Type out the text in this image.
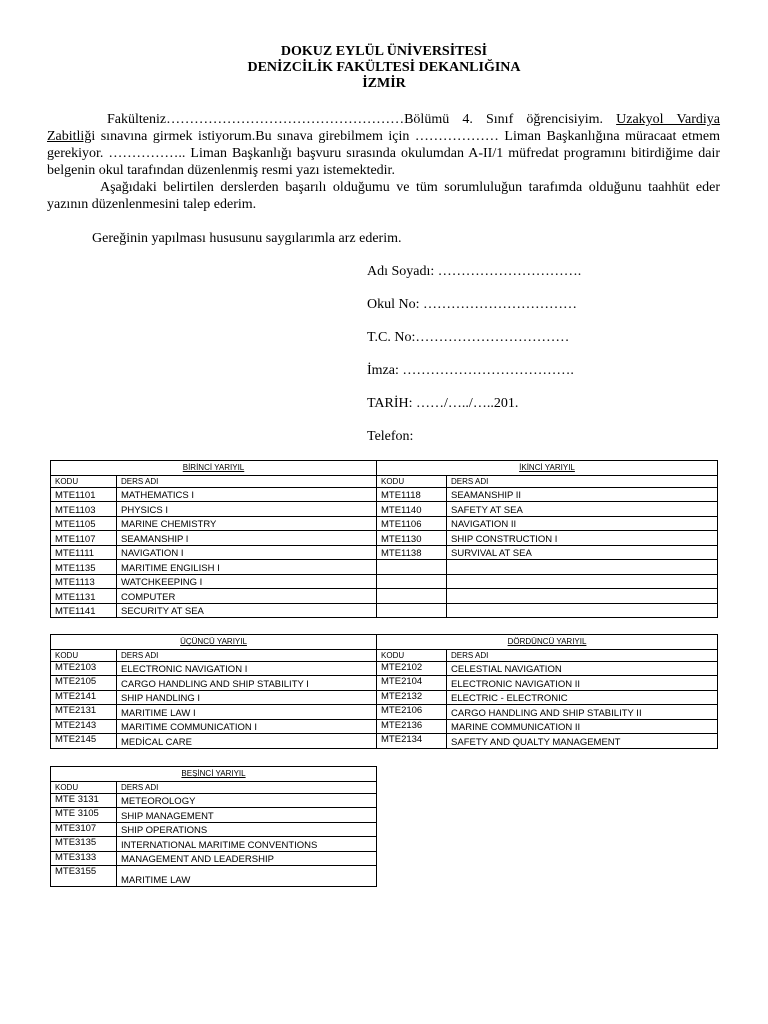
DOKUZ EYLÜL ÜNİVERSİTESİ
DENİZCİLİK FAKÜLTESİ DEKANLIĞINA
İZMİR
Fakülteniz……………………………………………Bölümü 4. Sınıf öğrencisiyim. Uzakyol Vardiya Zabitliği sınavına girmek istiyorum.Bu sınava girebilmem için ……………… Liman Başkanlığına müracaat etmem gerekiyor. …………….. Liman Başkanlığı başvuru sırasında okulumdan A-II/1 müfredat programını bitirdiğime dair belgenin okul tarafından düzenlenmiş resmi yazı istemektedir.
Aşağıdaki belirtilen derslerden başarılı olduğumu ve tüm sorumluluğun tarafımda olduğunu taahhüt eder yazının düzenlenmesini talep ederim.
Gereğinin yapılması hususunu saygılarımla arz ederim.
Adı Soyadı: ………………………….
Okul No: ……………………………
T.C. No:……………………………
İmza: ……………………………….
TARİH: ……/…../…..201.
Telefon:
BİRİNCİ YARIYIL		İKİNCİ YARIYIL	
KODU	DERS ADI	KODU	DERS ADI
MTE1101	MATHEMATICS I	MTE1118	SEAMANSHIP II
MTE1103	PHYSICS I	MTE1140	SAFETY AT SEA
MTE1105	MARINE CHEMISTRY	MTE1106	NAVIGATION II
MTE1107	SEAMANSHIP I	MTE1130	SHIP CONSTRUCTION I
MTE1111	NAVIGATION I	MTE1138	SURVIVAL AT SEA
MTE1135	MARITIME ENGILISH I		
MTE1113	WATCHKEEPING I		
MTE1131	COMPUTER		
MTE1141	SECURITY AT SEA		
ÜÇÜNCÜ YARIYIL		DÖRDÜNCÜ YARIYIL	
KODU	DERS ADI	KODU	DERS ADI
MTE2103	ELECTRONIC NAVIGATION I	MTE2102	CELESTIAL NAVIGATION
MTE2105	CARGO HANDLING AND SHIP STABILITY I	MTE2104	ELECTRONIC NAVIGATION II
MTE2141	SHIP HANDLING I	MTE2132	ELECTRIC - ELECTRONIC
MTE2131	MARITIME LAW I	MTE2106	CARGO HANDLING AND SHIP STABILITY II
MTE2143	MARITIME COMMUNICATION I	MTE2136	MARINE COMMUNICATION II
MTE2145	MEDİCAL CARE	MTE2134	SAFETY AND QUALTY MANAGEMENT
BEŞİNCİ YARIYIL	
KODU	DERS ADI
MTE 3131	METEOROLOGY
MTE 3105	SHIP MANAGEMENT
MTE3107	SHIP OPERATIONS
MTE3135	INTERNATIONAL MARITIME CONVENTIONS
MTE3133	MANAGEMENT AND LEADERSHIP
MTE3155	MARITIME LAW
